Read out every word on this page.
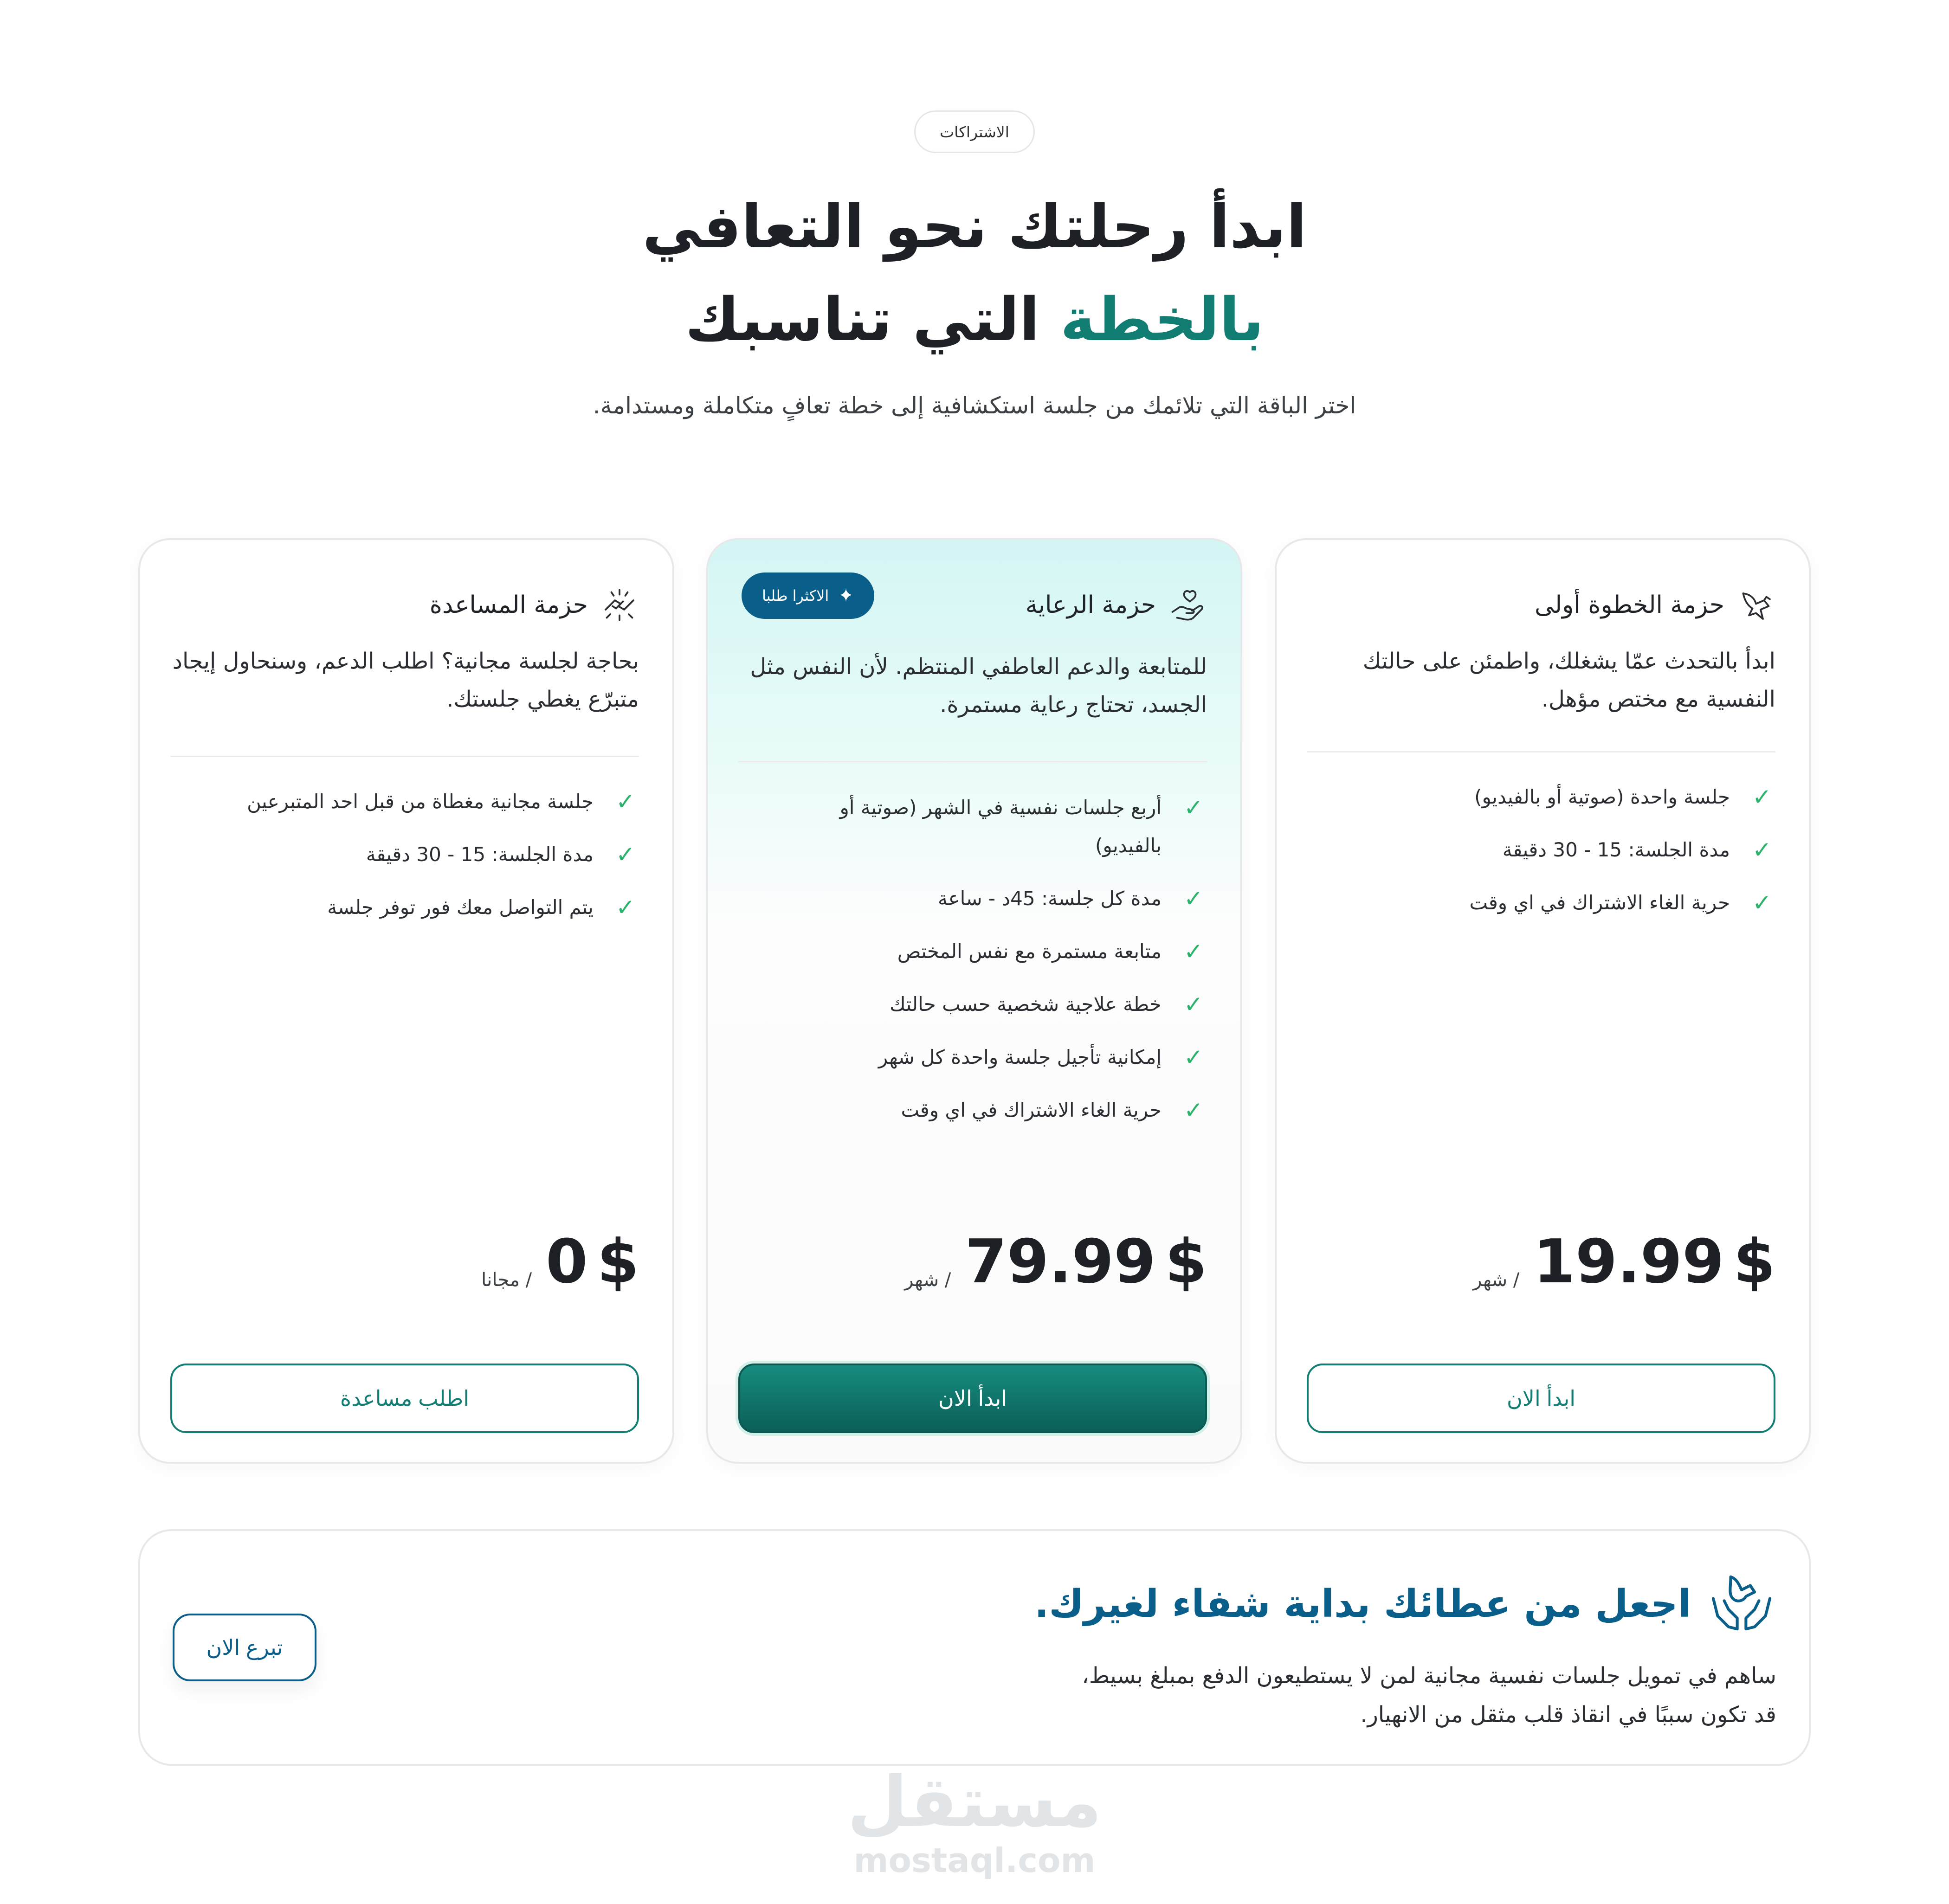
الاشتراكات
ابدأ رحلتك نحو التعافي
بالخطة التي تناسبك

اختر الباقة التي تلائمك من جلسة استكشافية إلى خطة تعافٍ متكاملة ومستدامة.

حزمة الخطوة أولى

ابدأ بالتحدث عمّا يشغلك، واطمئن على حالتك النفسية مع مختص مؤهل.

✓
جلسة واحدة (صوتية أو بالفيديو)
✓
مدة الجلسة: 15 - 30 دقيقة
✓
حرية الغاء الاشتراك في اي وقت
$
19.99
/ شهر
ابدأ الان
حزمة الرعاية
✦
الاكثرا طلبا

للمتابعة والدعم العاطفي المنتظم. لأن النفس مثل الجسد، تحتاج رعاية مستمرة.

✓
أربع جلسات نفسية في الشهر (صوتية أو بالفيديو)
✓
مدة كل جلسة: 45د - ساعة
✓
متابعة مستمرة مع نفس المختص
✓
خطة علاجية شخصية حسب حالتك
✓
إمكانية تأجيل جلسة واحدة كل شهر
✓
حرية الغاء الاشتراك في اي وقت
$
79.99
/ شهر
ابدأ الان
حزمة المساعدة

بحاجة لجلسة مجانية؟ اطلب الدعم، وسنحاول إيجاد متبرّع يغطي جلستك.

✓
جلسة مجانية مغطاة من قبل احد المتبرعين
✓
مدة الجلسة: 15 - 30 دقيقة
✓
يتم التواصل معك فور توفر جلسة
$
0
/ مجانا
اطلب مساعدة
اجعل من عطائك بداية شفاء لغيرك.

ساهم في تمويل جلسات نفسية مجانية لمن لا يستطيعون الدفع بمبلغ بسيط،
قد تكون سببًا في انقاذ قلب مثقل من الانهيار.

تبرع الان
مستقل
mostaql.com
